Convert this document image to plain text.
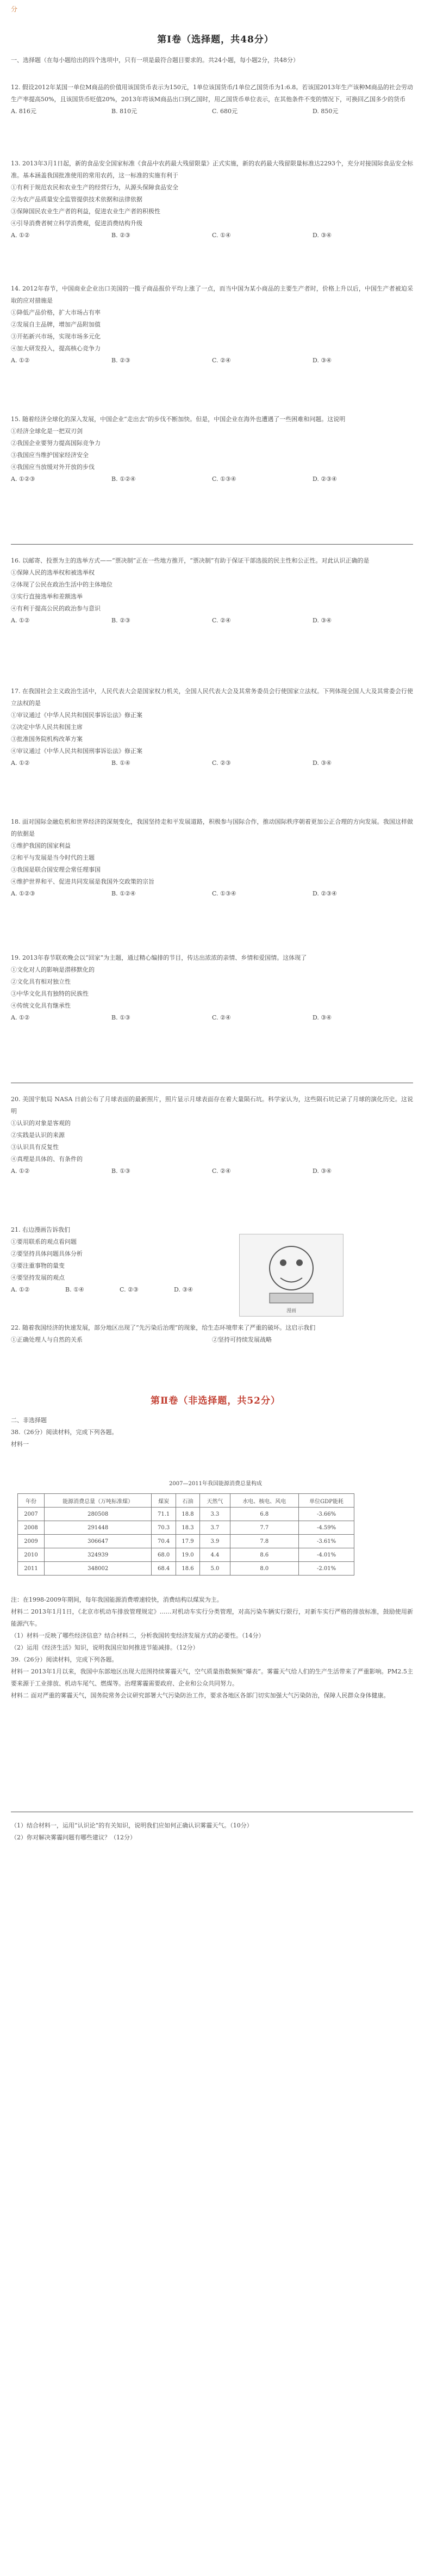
分
第Ⅰ卷（选择题，共48分）

一、选择题（在每小题给出的四个选项中，只有一项是最符合题目要求的。共24小题，每小题2分，共48分）

12. 假设2012年某国一单位M商品的价值用该国货币表示为150元，1单位该国货币/1单位乙国货币为1:6.8。若该国2013年生产该种M商品的社会劳动生产率提高50%，且该国货币贬值20%，2013年将该M商品出口到乙国时，用乙国货币单位表示，在其他条件不变的情况下，可换回乙国多少的货币

A. 816元	B. 810元	C. 680元	D. 850元

13. 2013年3月1日起，新的食品安全国家标准《食品中农药最大残留限量》正式实施，新的农药最大残留限量标准达2293个，充分对接国际食品安全标准。基本涵盖我国批准使用的常用农药，这一标准的实施有利于

①有利于规范农民和农业生产的经营行为，从源头保障食品安全

②为农产品质量安全监管提供技术依据和法律依据

③保障国民农业生产者的利益，促进农业生产者的积极性

④引导消费者树立科学消费观，促进消费结构升级

A. ①②	B. ②③	C. ①④	D. ③④

14. 2012年春节，中国商业企业出口美国的一揽子商品报价平均上涨了一点，而当中国为某小商品的主要生产者时，价格上升以后，中国生产者被迫采取的应对措施是

①降低产品价格，扩大市场占有率

②发展自主品牌，增加产品附加值

③开拓新兴市场，实现市场多元化

④加大研发投入，提高核心竞争力

A. ①②	B. ②③	C. ②④	D. ③④

15. 随着经济全球化的深入发展，中国企业“走出去”的步伐不断加快。但是，中国企业在海外也遭遇了一些困难和问题。这说明

①经济全球化是一把双刃剑

②我国企业要努力提高国际竞争力

③我国应当维护国家经济安全

④我国应当放缓对外开放的步伐

A. ①②③	B. ①②④	C. ①③④	D. ②③④

16. 以邮寄、投票为主的选举方式——“票决制”正在一些地方推开，“票决制”有助于保证干部选拔的民主性和公正性。对此认识正确的是

①保障人民的选举权和被选举权

②体现了公民在政治生活中的主体地位

③实行直接选举和差额选举

④有利于提高公民的政治参与意识

A. ①②	B. ②③	C. ②④	D. ③④

17. 在我国社会主义政治生活中，人民代表大会是国家权力机关，全国人民代表大会及其常务委员会行使国家立法权。下列体现全国人大及其常委会行使立法权的是

①审议通过《中华人民共和国民事诉讼法》修正案

②决定中华人民共和国主席

③批准国务院机构改革方案

④审议通过《中华人民共和国刑事诉讼法》修正案

A. ①②	B. ①④	C. ②③	D. ③④

18. 面对国际金融危机和世界经济的深刻变化，我国坚持走和平发展道路，积极参与国际合作，推动国际秩序朝着更加公正合理的方向发展。我国这样做的依据是

①维护我国的国家利益

②和平与发展是当今时代的主题

③我国是联合国安理会常任理事国

④维护世界和平、促进共同发展是我国外交政策的宗旨

A. ①②③	B. ①②④	C. ①③④	D. ②③④

19. 2013年春节联欢晚会以“回家”为主题，通过精心编排的节目，传达出浓浓的亲情、乡情和爱国情。这体现了

①文化对人的影响是潜移默化的

②文化具有相对独立性

③中华文化具有独特的民族性

④传统文化具有继承性

A. ①②	B. ①③	C. ②④	D. ③④

20. 美国宇航局 NASA 日前公布了月球表面的最新照片，照片显示月球表面存在着大量陨石坑。科学家认为，这些陨石坑记录了月球的演化历史。这说明

①认识的对象是客观的

②实践是认识的来源

③认识具有反复性

④真理是具体的、有条件的

A. ①②	B. ①③	C. ②④	D. ③④

21. 右边漫画告诉我们

①要用联系的观点看问题

②要坚持具体问题具体分析

③要注重事物的量变

④要坚持发展的观点

A. ①②	B. ①④	C. ②③	D. ③④
漫画

22. 随着我国经济的快速发展，部分地区出现了“先污染后治理”的现象，给生态环境带来了严重的破坏。这启示我们

①正确处理人与自然的关系	②坚持可持续发展战略
第Ⅱ卷（非选择题，共52分）

二、非选择题

38.（26分）阅读材料，完成下列各题。

材料一

2007—2011年我国能源消费总量构成
年份	能源消费总量（万吨标准煤）	煤炭	石油	天然气	水电、核电、风电	单位GDP能耗
2007	280508	71.1	18.8	3.3	6.8	-3.66%
2008	291448	70.3	18.3	3.7	7.7	-4.59%
2009	306647	70.4	17.9	3.9	7.8	-3.61%
2010	324939	68.0	19.0	4.4	8.6	-4.01%
2011	348002	68.4	18.6	5.0	8.0	-2.01%

注：在1998-2009年期间，每年我国能源消费增速较快，消费结构以煤炭为主。

材料二 2013年1月1日，《北京市机动车排放管理规定》……对机动车实行分类管理，对高污染车辆实行限行，对新车实行严格的排放标准，鼓励使用新能源汽车。

（1）材料一反映了哪些经济信息？结合材料二，分析我国转变经济发展方式的必要性。（14分）

（2）运用《经济生活》知识，说明我国应如何推进节能减排。（12分）

39.（26分）阅读材料，完成下列各题。

材料一 2013年1月以来，我国中东部地区出现大范围持续雾霾天气，空气质量指数频频“爆表”。雾霾天气给人们的生产生活带来了严重影响。PM2.5主要来源于工业排放、机动车尾气、燃煤等。治理雾霾需要政府、企业和公众共同努力。

材料二 面对严重的雾霾天气，国务院常务会议研究部署大气污染防治工作，要求各地区各部门切实加强大气污染防治，保障人民群众身体健康。

（1）结合材料一，运用“认识论”的有关知识，说明我们应如何正确认识雾霾天气。（10分）

（2）你对解决雾霾问题有哪些建议？（12分）
